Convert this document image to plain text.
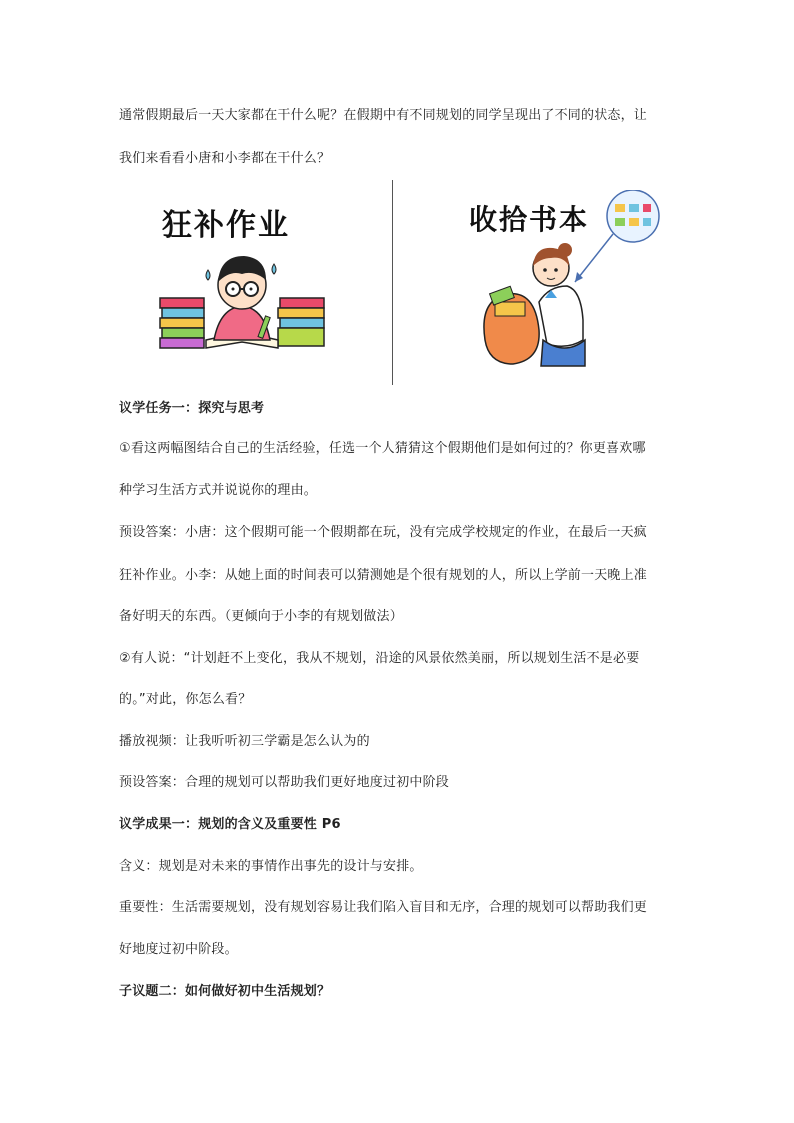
通常假期最后一天大家都在干什么呢？在假期中有不同规划的同学呈现出了不同的状态，让
我们来看看小唐和小李都在干什么？
狂补作业	收拾书本
议学任务一：探究与思考
①看这两幅图结合自己的生活经验，任选一个人猜猜这个假期他们是如何过的？你更喜欢哪
种学习生活方式并说说你的理由。
预设答案：小唐：这个假期可能一个假期都在玩，没有完成学校规定的作业，在最后一天疯
狂补作业。小李：从她上面的时间表可以猜测她是个很有规划的人，所以上学前一天晚上准
备好明天的东西。（更倾向于小李的有规划做法）
②有人说：“计划赶不上变化，我从不规划，沿途的风景依然美丽，所以规划生活不是必要
的。”对此，你怎么看？
播放视频：让我听听初三学霸是怎么认为的
预设答案：合理的规划可以帮助我们更好地度过初中阶段
议学成果一：规划的含义及重要性 P6
含义：规划是对未来的事情作出事先的设计与安排。
重要性：生活需要规划，没有规划容易让我们陷入盲目和无序，合理的规划可以帮助我们更
好地度过初中阶段。
子议题二：如何做好初中生活规划？
